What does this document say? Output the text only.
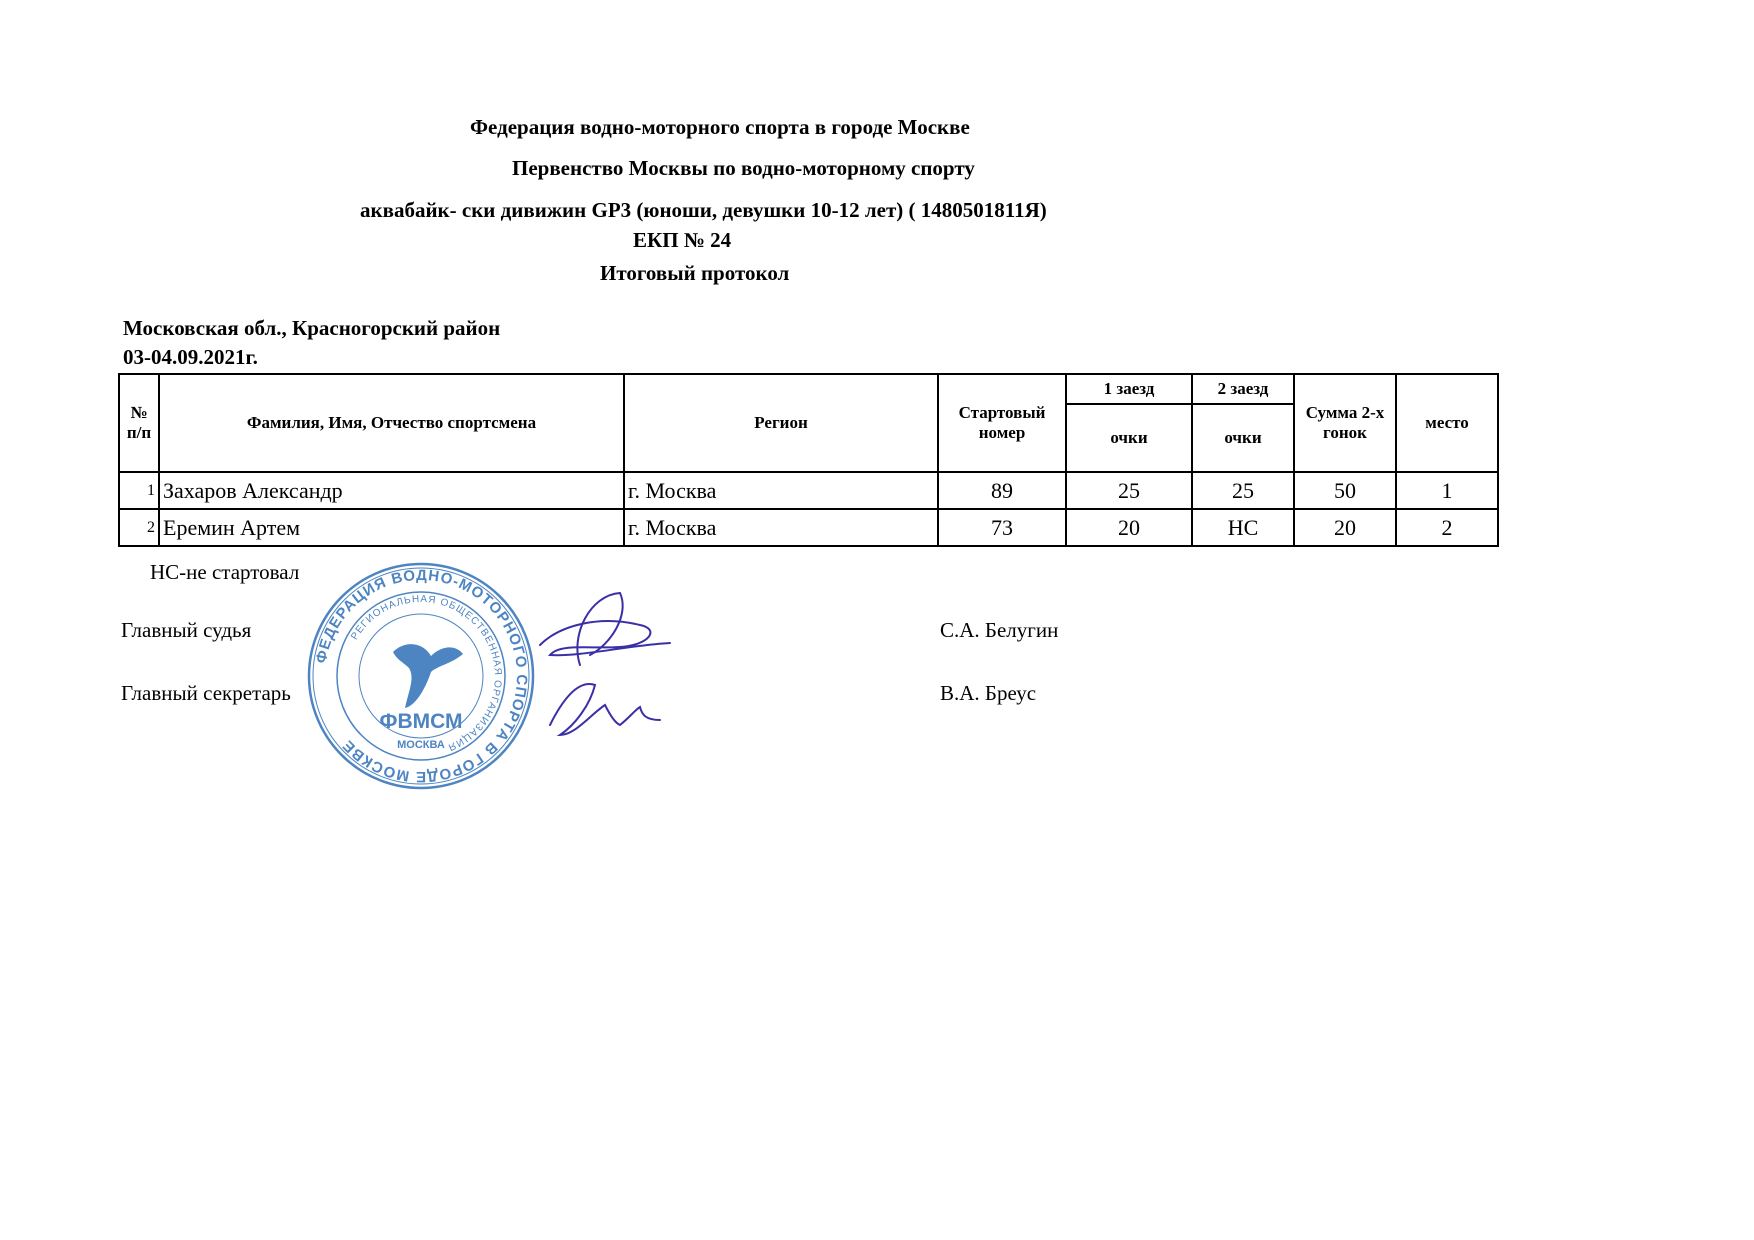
Федерация водно-моторного спорта в городе Москве
Первенство Москвы по водно-моторному спорту
аквабайк- ски дивижин GP3 (юноши, девушки 10-12 лет) ( 1480501811Я)
ЕКП № 24
Итоговый протокол
Московская обл., Красногорский район
03-04.09.2021г.
№ п/п	Фамилия, Имя, Отчество спортсмена	Регион	Стартовый номер	1 заезд	2 заезд	Сумма 2-х гонок	место
				очки	очки		
1	Захаров Александр	г. Москва	89	25	25	50	1
2	Еремин Артем	г. Москва	73	20	НС	20	2
НС-не стартовал
Главный судья	С.А. Белугин
Главный секретарь	В.А. Бреус
ФЕДЕРАЦИЯ ВОДНО-МОТОРНОГО СПОРТА В ГОРОДЕ МОСКВЕ
РЕГИОНАЛЬНАЯ ОБЩЕСТВЕННАЯ ОРГАНИЗАЦИЯ
ФВМСМ
МОСКВА
